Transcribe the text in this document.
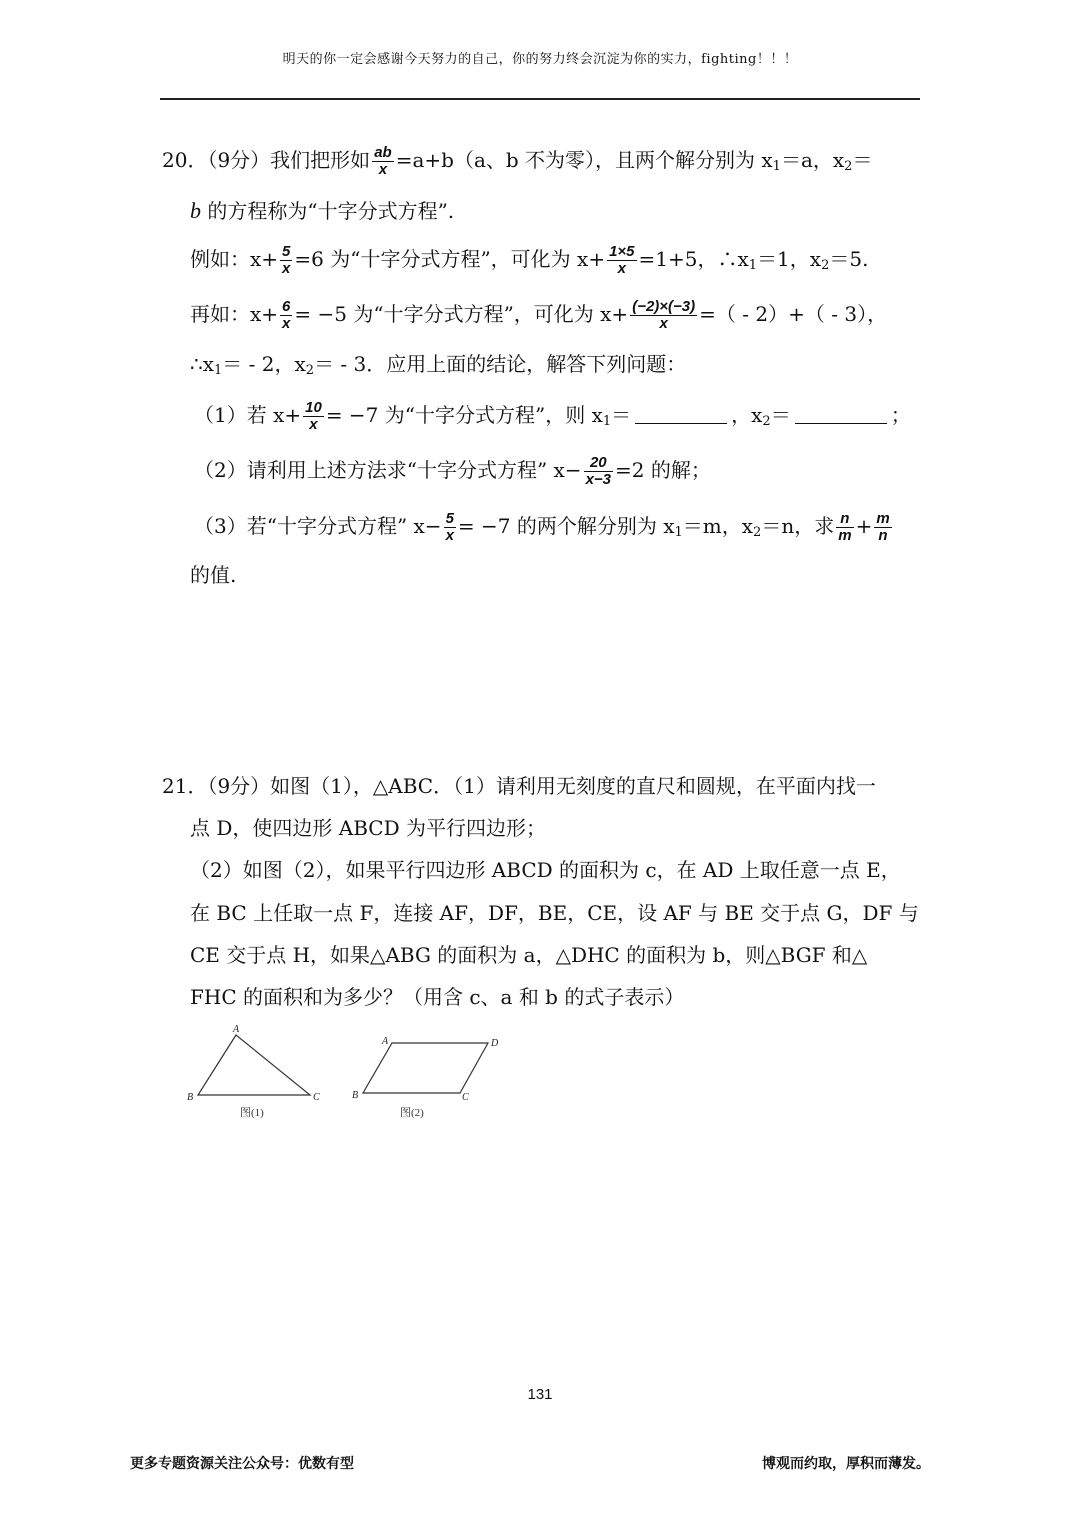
明天的你一定会感谢今天努力的自己，你的努力终会沉淀为你的实力，fighting！！！
20．（9分）我们把形如 $\frac{ab}{x} =a+b(a$、b 不为零），且两个解分别为 $x_1=a$，$x_2=$
b 的方程称为“十字分式方程”.
例如：$x+ \frac{5}{x} =6$ 为“十字分式方程”，可化为 $x+ \frac{1\times 5}{x} =1+5$，$\therefore x_1=1$，$x_2=5$.
再如：$x+ \frac{6}{x} = -5$ 为“十字分式方程”，可化为 $x+ \frac{(-2)\times(-3)}{x}$ =（ - 2）+（ - 3），
$\therefore x_1= - 2$，$x_2= - 3$．应用上面的结论，解答下列问题：
（1）若 $x+ \frac{10}{x} = -7$ 为“十字分式方程”，则 $x_1=$	，$x_2=$	；
（2）请利用上述方法求“十字分式方程” $x- \frac{20}{x-3} =2$ 的解；
（3）若“十字分式方程” $x- \frac{5}{x} = -7$ 的两个解分别为 $x_1=m$，$x_2=n$，求 $\frac{n}{m} + \frac{m}{n}$
的值.
21．（9分）如图（1），△ABC．（1）请利用无刻度的直尺和圆规，在平面内找一
点 D，使四边形 ABCD 为平行四边形；
（2）如图（2），如果平行四边形 ABCD 的面积为 c，在 AD 上取任意一点 E，
在 BC 上任取一点 F，连接 AF，DF，BE，CE，设 AF 与 BE 交于点 G，DF 与
CE 交于点 H，如果△ABG 的面积为 a，△DHC 的面积为 b，则△BGF 和△
FHC 的面积和为多少？（用含 c、a 和 b 的式子表示）
A
B	C
图(1)
A	D
B	C
图(2)
131
更多专题资源关注公众号：优数有型	博观而约取，厚积而薄发。
